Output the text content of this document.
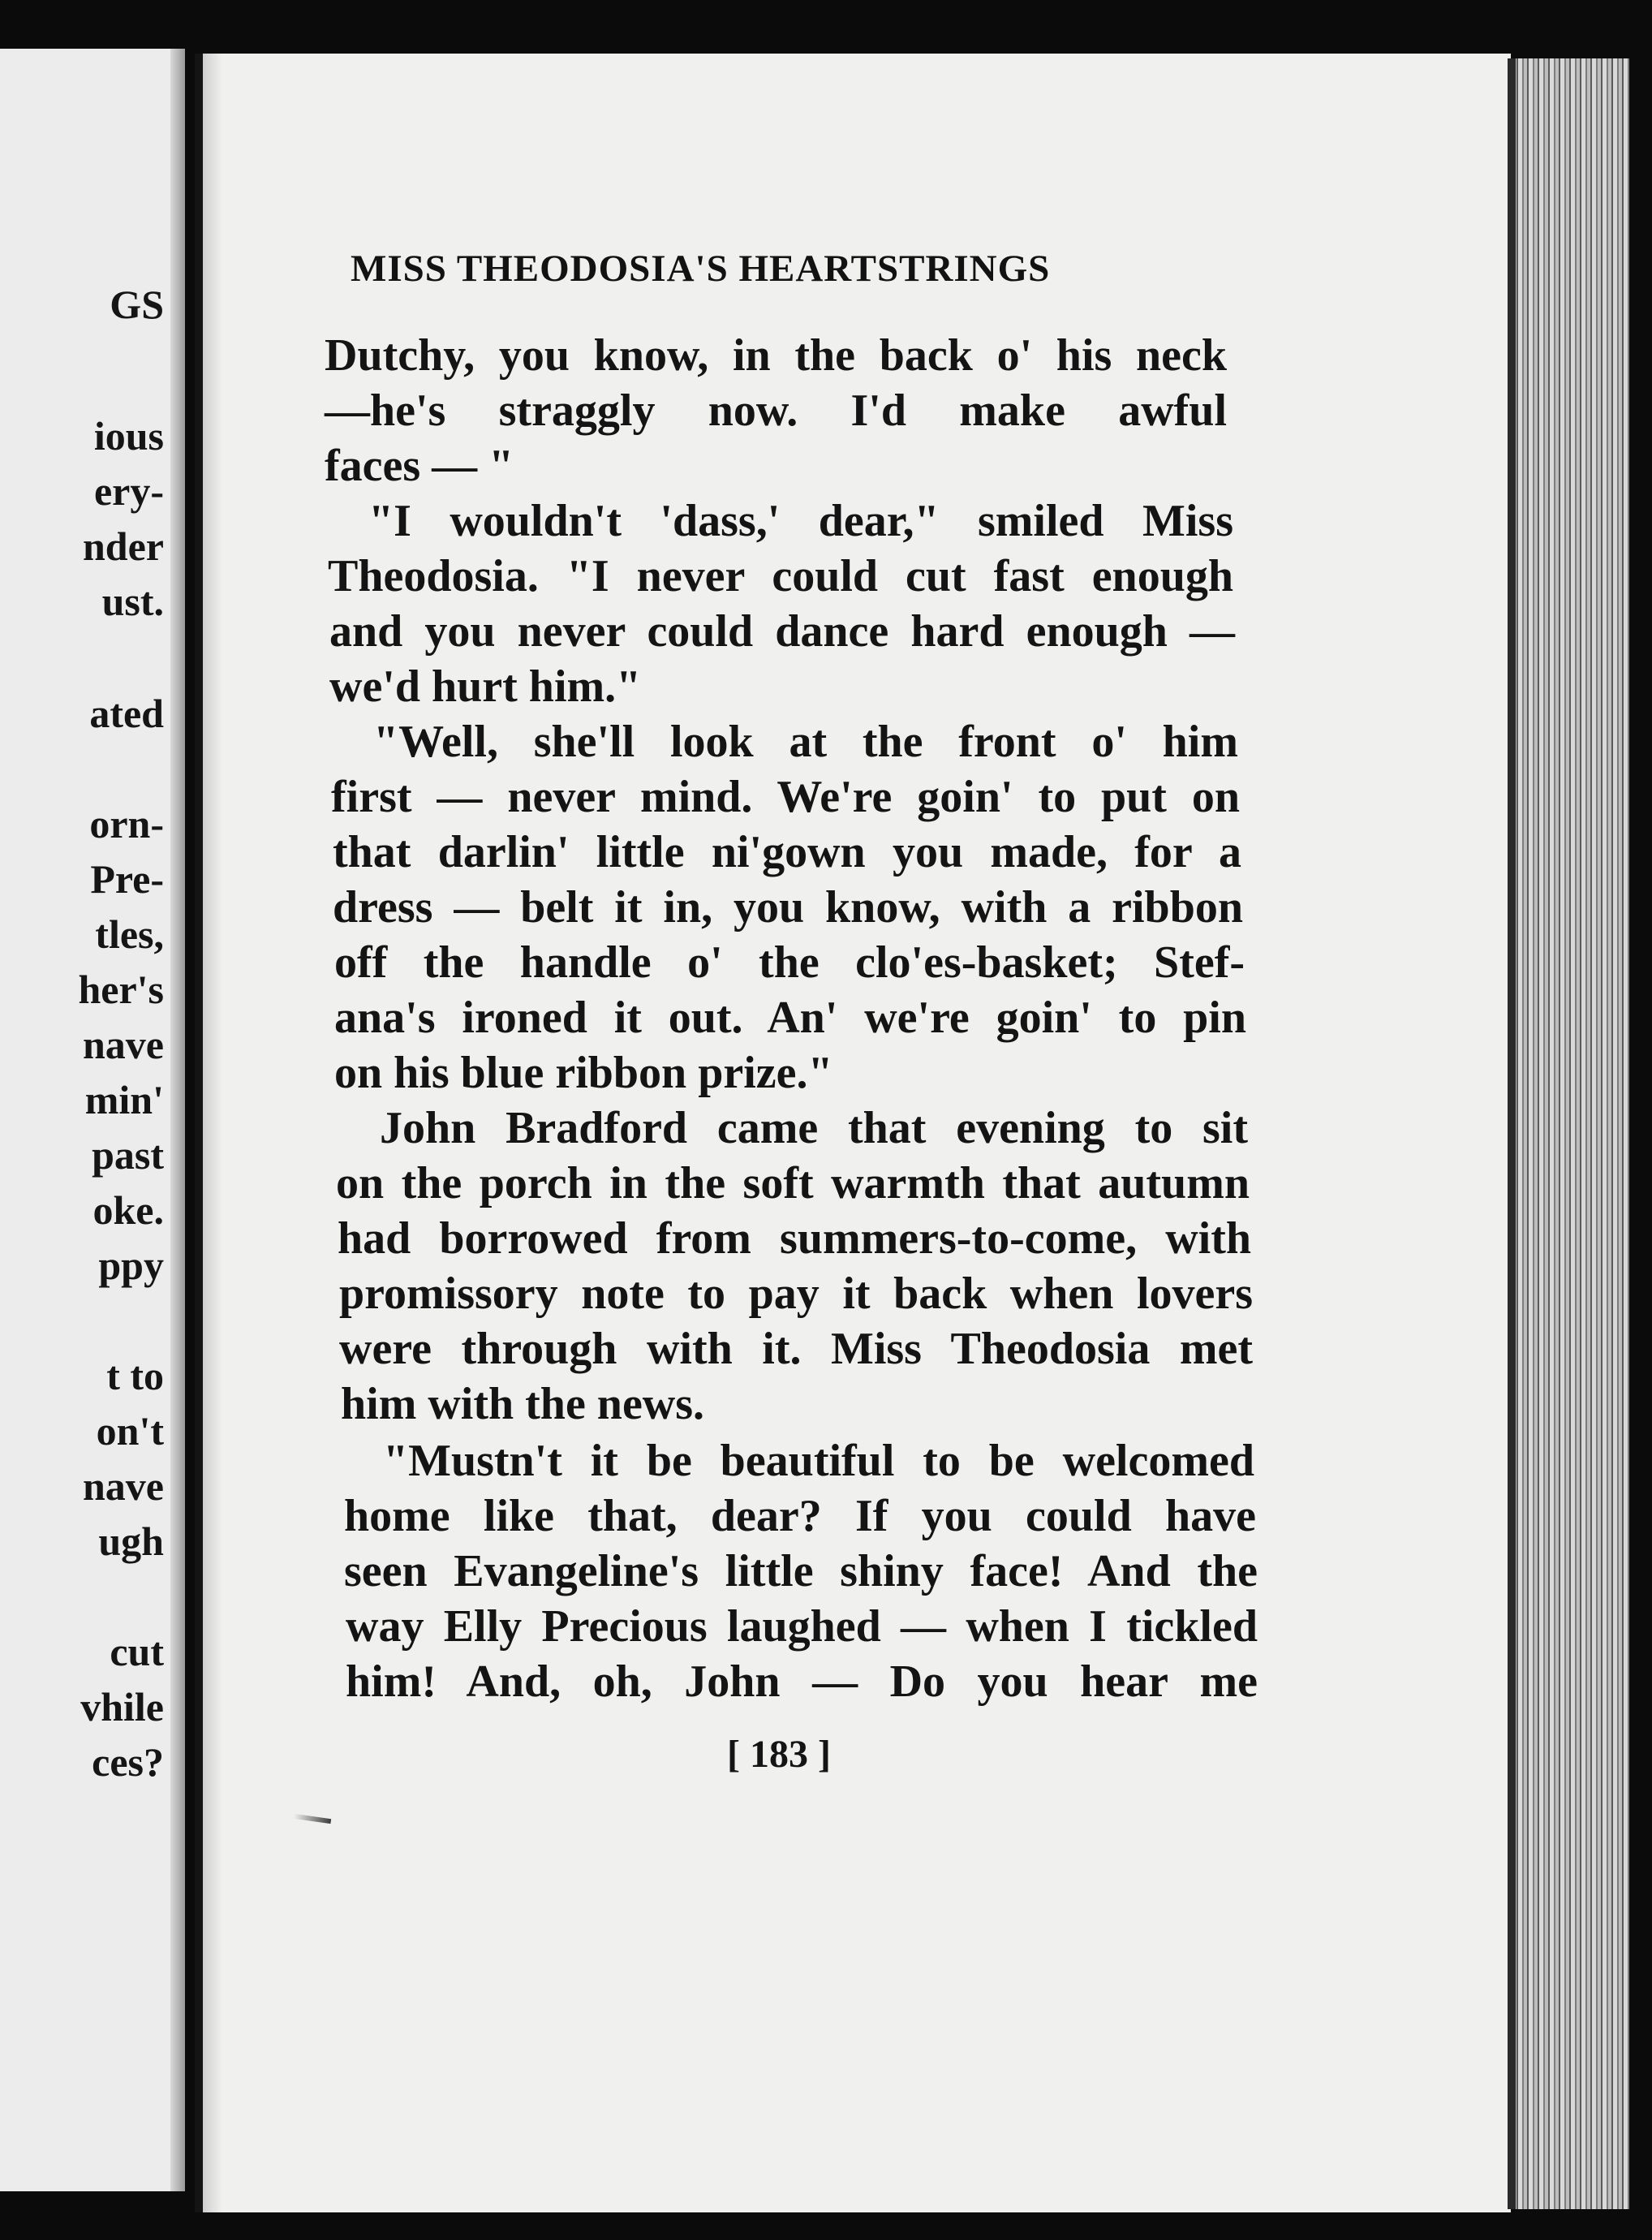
GS

ious

ery-

nder

ust.

ated

orn-

Pre-

tles,

her's

nave

min'

past

oke.

ppy

t to

on't

nave

ugh

cut

vhile

ces?

MISS THEODOSIA'S HEARTSTRINGS

Dutchy, you know, in the back o' his neck

—he's straggly now. I'd make awful

faces — "

"I wouldn't 'dass,' dear," smiled Miss

Theodosia. "I never could cut fast enough

and you never could dance hard enough —

we'd hurt him."

"Well, she'll look at the front o' him

first — never mind. We're goin' to put on

that darlin' little ni'gown you made, for a

dress — belt it in, you know, with a ribbon

off the handle o' the clo'es-basket; Stef-

ana's ironed it out. An' we're goin' to pin

on his blue ribbon prize."

John Bradford came that evening to sit

on the porch in the soft warmth that autumn

had borrowed from summers-to-come, with

promissory note to pay it back when lovers

were through with it. Miss Theodosia met

him with the news.

"Mustn't it be beautiful to be welcomed

home like that, dear? If you could have

seen Evangeline's little shiny face! And the

way Elly Precious laughed — when I tickled

him! And, oh, John — Do you hear me

[ 183 ]
